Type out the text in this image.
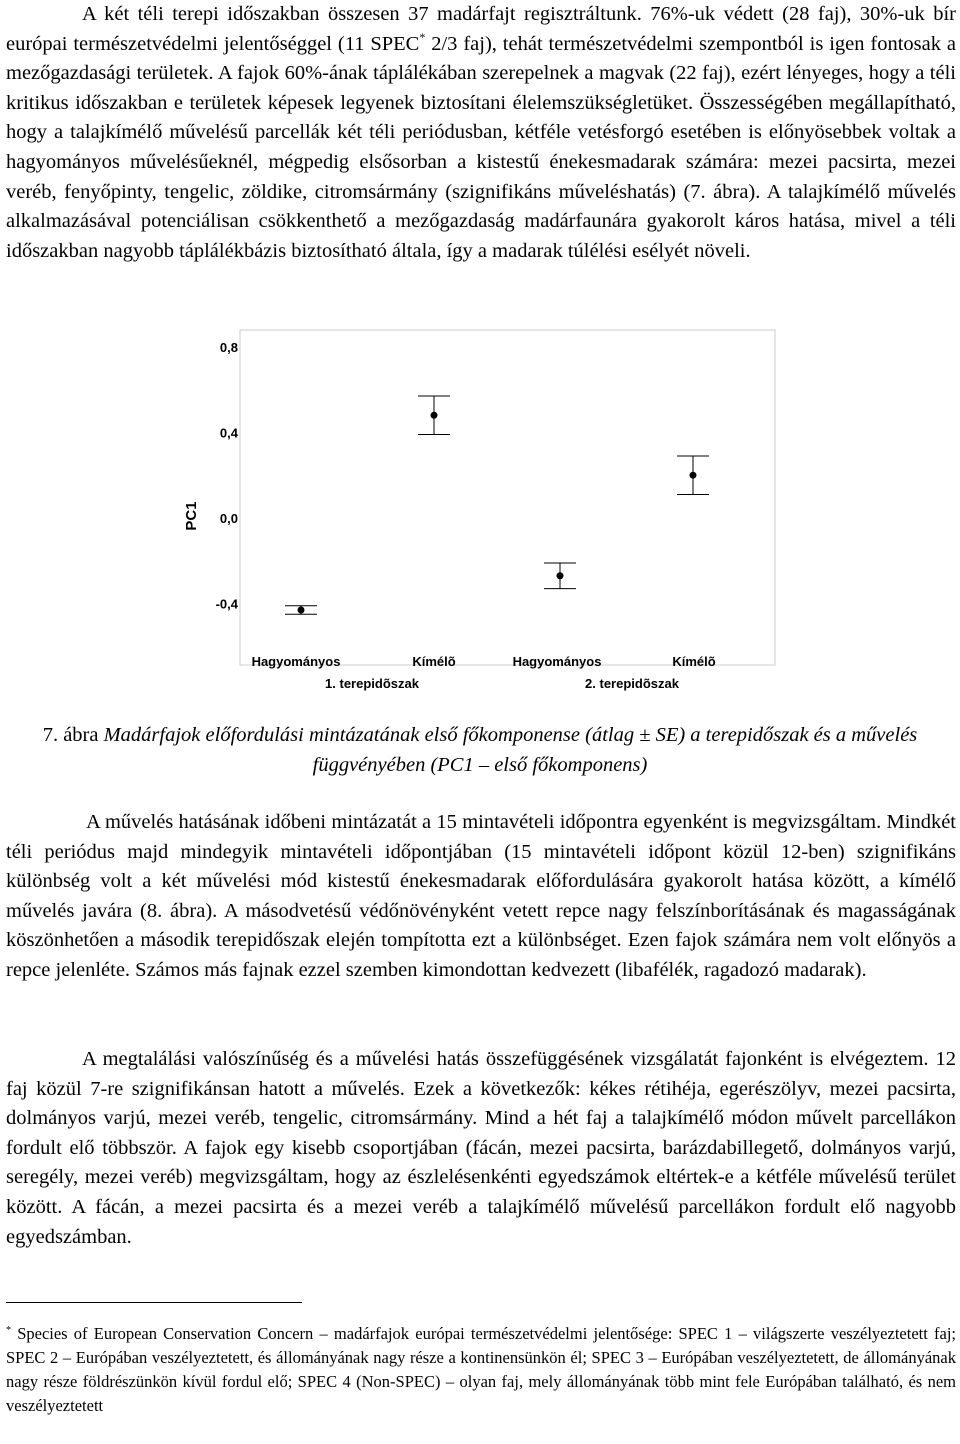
A két téli terepi időszakban összesen 37 madárfajt regisztráltunk. 76%-uk védett (28 faj), 30%-uk bír európai természetvédelmi jelentőséggel (11 SPEC* 2/3 faj), tehát természetvédelmi szempontból is igen fontosak a mezőgazdasági területek. A fajok 60%-ának táplálékában szerepelnek a magvak (22 faj), ezért lényeges, hogy a téli kritikus időszakban e területek képesek legyenek biztosítani élelemszükségletüket. Összességében megállapítható, hogy a talajkímélő művelésű parcellák két téli periódusban, kétféle vetésforgó esetében is előnyösebbek voltak a hagyományos művelésűeknél, mégpedig elsősorban a kistestű énekesmadarak számára: mezei pacsirta, mezei veréb, fenyőpinty, tengelic, zöldike, citromsármány (szignifikáns műveléshatás) (7. ábra). A talajkímélő művelés alkalmazásával potenciálisan csökkenthető a mezőgazdaság madárfaunára gyakorolt káros hatása, mivel a téli időszakban nagyobb táplálékbázis biztosítható általa, így a madarak túlélési esélyét növeli.

PC1
0,8
0,4
0,0
-0,4
Hagyományos	Kímélõ	Hagyományos	Kímélõ
1. terepidõszak	2. terepidõszak

7. ábra Madárfajok előfordulási mintázatának első főkomponense (átlag ± SE) a terepidőszak és a művelés függvényében (PC1 – első főkomponens)

A művelés hatásának időbeni mintázatát a 15 mintavételi időpontra egyenként is megvizsgáltam. Mindkét téli periódus majd mindegyik mintavételi időpontjában (15 mintavételi időpont közül 12-ben) szignifikáns különbség volt a két művelési mód kistestű énekesmadarak előfordulására gyakorolt hatása között, a kímélő művelés javára (8. ábra). A másodvetésű védőnövényként vetett repce nagy felszínborításának és magasságának köszönhetően a második terepidőszak elején tompította ezt a különbséget. Ezen fajok számára nem volt előnyös a repce jelenléte. Számos más fajnak ezzel szemben kimondottan kedvezett (libafélék, ragadozó madarak).

A megtalálási valószínűség és a művelési hatás összefüggésének vizsgálatát fajonként is elvégeztem. 12 faj közül 7-re szignifikánsan hatott a művelés. Ezek a következők: kékes rétihéja, egerészölyv, mezei pacsirta, dolmányos varjú, mezei veréb, tengelic, citromsármány. Mind a hét faj a talajkímélő módon művelt parcellákon fordult elő többször. A fajok egy kisebb csoportjában (fácán, mezei pacsirta, barázdabillegető, dolmányos varjú, seregély, mezei veréb) megvizsgáltam, hogy az észlelésenkénti egyedszámok eltértek-e a kétféle művelésű terület között. A fácán, a mezei pacsirta és a mezei veréb a talajkímélő művelésű parcellákon fordult elő nagyobb egyedszámban.

* Species of European Conservation Concern – madárfajok európai természetvédelmi jelentősége: SPEC 1 – világszerte veszélyeztetett faj; SPEC 2 – Európában veszélyeztetett, és állományának nagy része a kontinensünkön él; SPEC 3 – Európában veszélyeztetett, de állományának nagy része földrészünkön kívül fordul elő; SPEC 4 (Non-SPEC) – olyan faj, mely állományának több mint fele Európában található, és nem veszélyeztetett
